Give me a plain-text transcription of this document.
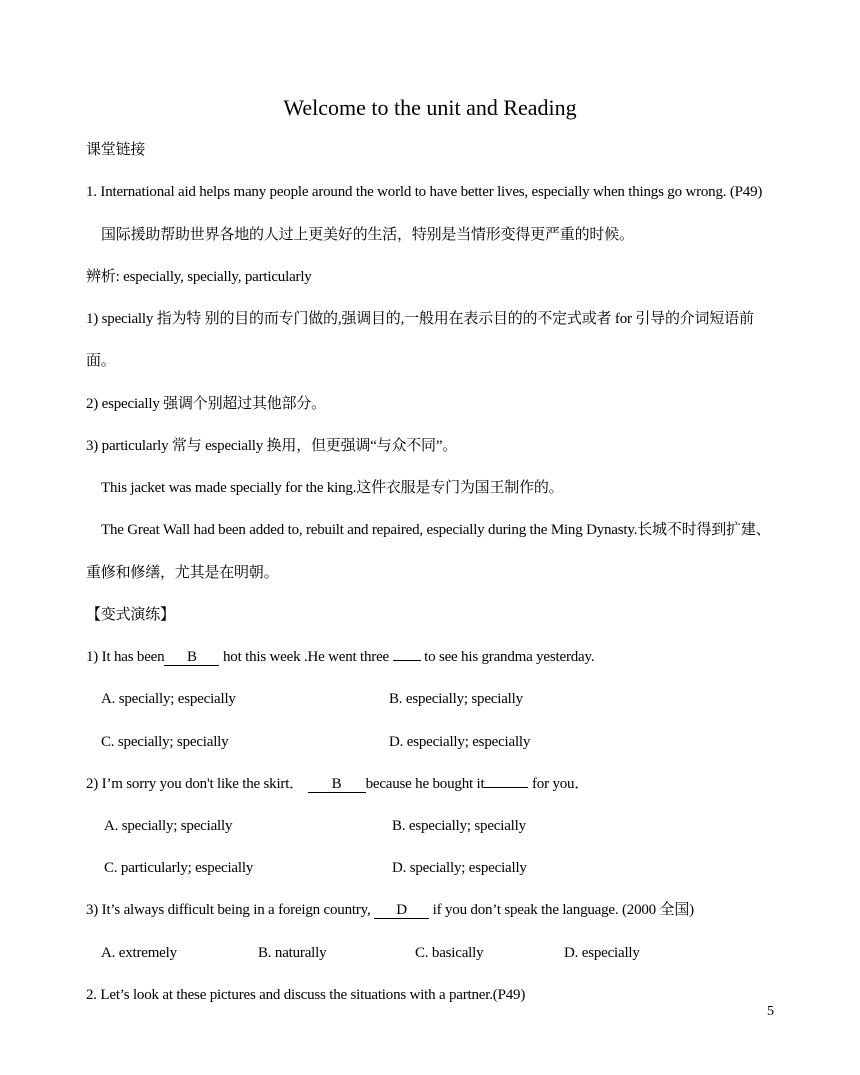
Welcome to the unit and Reading
课堂链接
1. International aid helps many people around the world to have better lives, especially when things go wrong. (P49)
国际援助帮助世界各地的人过上更美好的生活，特别是当情形变得更严重的时候。
辨析: especially, specially, particularly
1) specially 指为特 别的目的而专门做的,强调目的,一般用在表示目的的不定式或者 for 引导的介词短语前
面。
2) especially 强调个别超过其他部分。
3) particularly 常与 especially 换用，但更强调“与众不同”。
This jacket was made specially for the king.这件衣服是专门为国王制作的。
The Great Wall had been added to, rebuilt and repaired, especially during the Ming Dynasty.长城不时得到扩建、
重修和修缮，尤其是在明朝。
【变式演练】
1) It has been B hot this week .He went three to see his grandma yesterday.
A. specially; especially	B. especially; specially
C. specially; specially	D. especially; especially
2) I’m sorry you don't like the skirt． B because he bought it	for you．
A. specially; specially	B. especially; specially
C. particularly; especially	D. specially; especially
3) It’s always difficult being in a foreign country, D if you don’t speak the language. (2000 全国)
A. extremely	B. naturally	C. basically	D. especially
2. Let’s look at these pictures and discuss the situations with a partner.(P49)
5
